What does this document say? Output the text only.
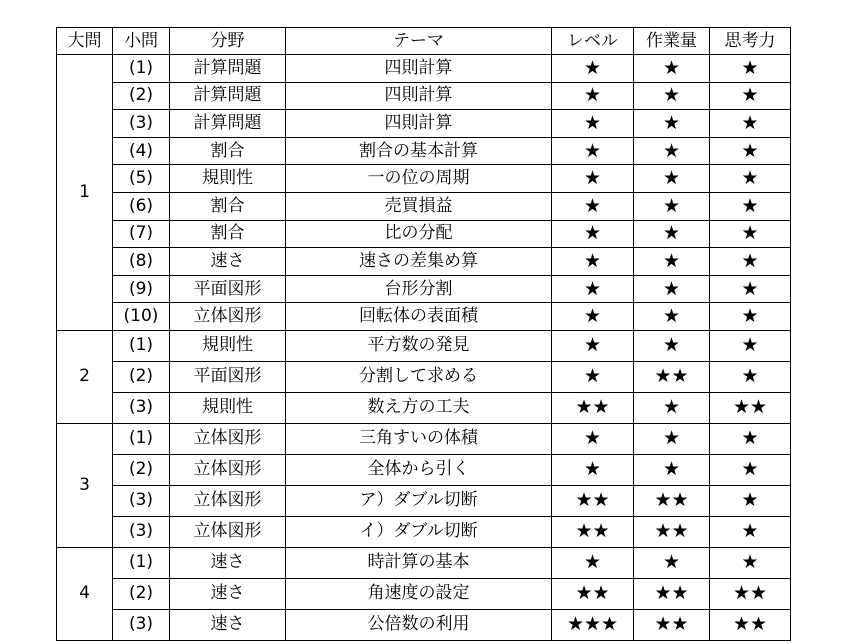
大問	小問	分野	テーマ	レベル	作業量	思考力
1	(1)	計算問題	四則計算	★	★	★
	(2)	計算問題	四則計算	★	★	★
	(3)	計算問題	四則計算	★	★	★
	(4)	割合	割合の基本計算	★	★	★
	(5)	規則性	一の位の周期	★	★	★
	(6)	割合	売買損益	★	★	★
	(7)	割合	比の分配	★	★	★
	(8)	速さ	速さの差集め算	★	★	★
	(9)	平面図形	台形分割	★	★	★
	(10)	立体図形	回転体の表面積	★	★	★
2	(1)	規則性	平方数の発見	★	★	★
	(2)	平面図形	分割して求める	★	★★	★
	(3)	規則性	数え方の工夫	★★	★	★★
3	(1)	立体図形	三角すいの体積	★	★	★
	(2)	立体図形	全体から引く	★	★	★
	(3)	立体図形	ア）ダブル切断	★★	★★	★
	(3)	立体図形	イ）ダブル切断	★★	★★	★
4	(1)	速さ	時計算の基本	★	★	★
	(2)	速さ	角速度の設定	★★	★★	★★
	(3)	速さ	公倍数の利用	★★★	★★	★★
